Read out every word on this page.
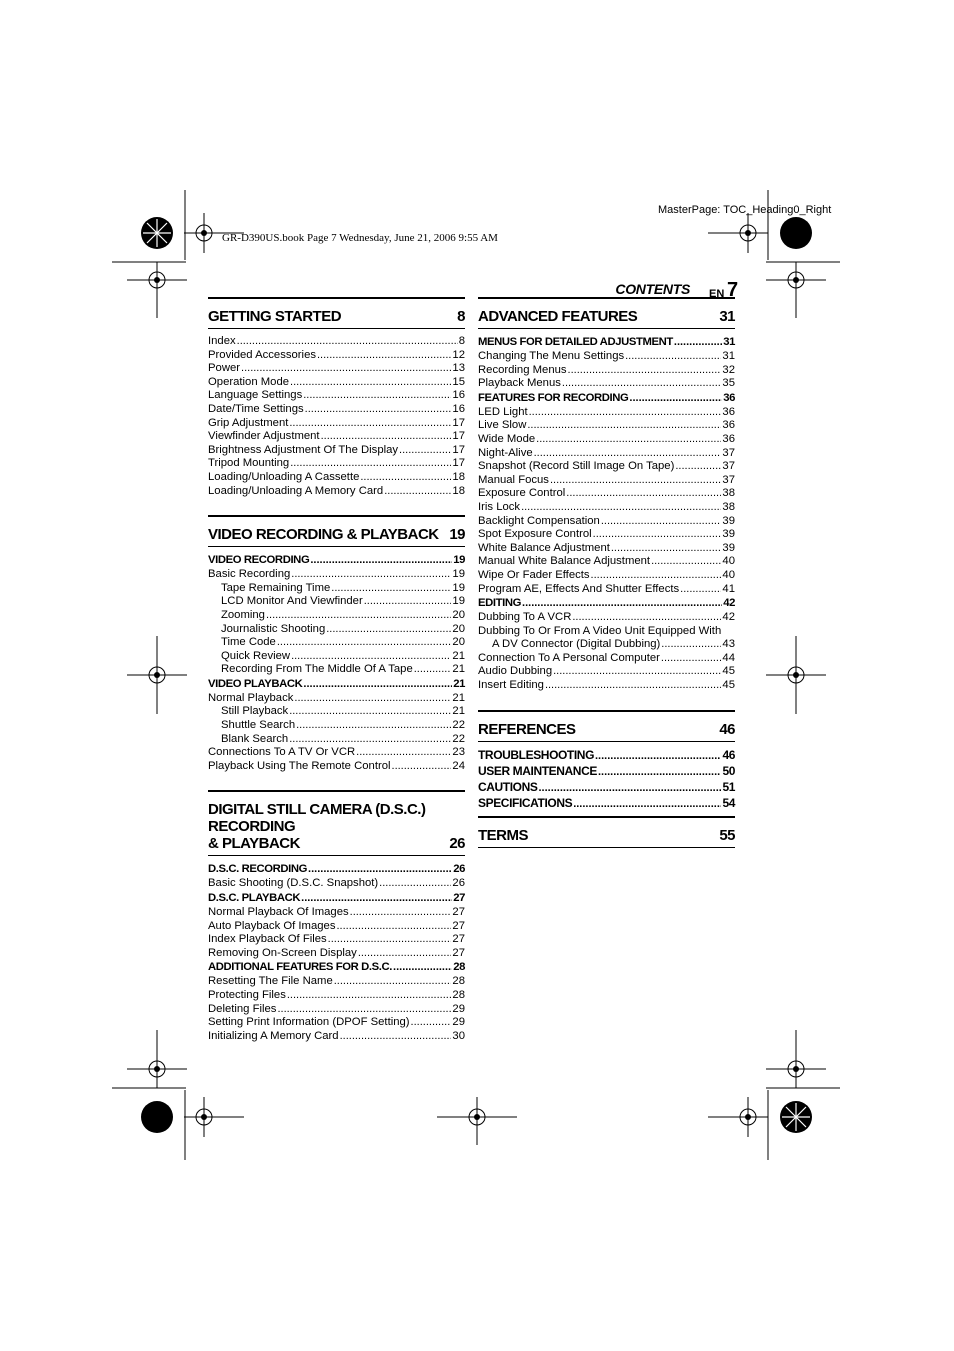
MasterPage: TOC_Heading0_Right
GR-D390US.book Page 7 Wednesday, June 21, 2006 9:55 AM
CONTENTS EN 7
GETTING STARTED	8
Index .....	8
Provided Accessories .....	12
Power .....	13
Operation Mode .....	15
Language Settings .....	16
Date/Time Settings .....	16
Grip Adjustment .....	17
Viewfinder Adjustment .....	17
Brightness Adjustment Of The Display .....	17
Tripod Mounting .....	17
Loading/Unloading A Cassette .....	18
Loading/Unloading A Memory Card .....	18
VIDEO RECORDING & PLAYBACK 19
VIDEO RECORDING .....	19
Basic Recording .....	19
Tape Remaining Time .....	19
LCD Monitor And Viewfinder .....	19
Zooming .....	20
Journalistic Shooting .....	20
Time Code .....	20
Quick Review .....	21
Recording From The Middle Of A Tape .....	21
VIDEO PLAYBACK .....	21
Normal Playback .....	21
Still Playback .....	21
Shuttle Search .....	22
Blank Search .....	22
Connections To A TV Or VCR .....	23
Playback Using The Remote Control .....	24
DIGITAL STILL CAMERA (D.S.C.) RECORDING
& PLAYBACK	26
D.S.C. RECORDING .....	26
Basic Shooting (D.S.C. Snapshot) .....	26
D.S.C. PLAYBACK .....	27
Normal Playback Of Images .....	27
Auto Playback Of Images .....	27
Index Playback Of Files .....	27
Removing On-Screen Display .....	27
ADDITIONAL FEATURES FOR D.S.C. .....	28
Resetting The File Name .....	28
Protecting Files .....	28
Deleting Files .....	29
Setting Print Information (DPOF Setting) .....	29
Initializing A Memory Card .....	30
ADVANCED FEATURES	31
MENUS FOR DETAILED ADJUSTMENT .....	31
Changing The Menu Settings .....	31
Recording Menus .....	32
Playback Menus .....	35
FEATURES FOR RECORDING .....	36
LED Light .....	36
Live Slow .....	36
Wide Mode .....	36
Night-Alive .....	37
Snapshot (Record Still Image On Tape) .....	37
Manual Focus .....	37
Exposure Control .....	38
Iris Lock .....	38
Backlight Compensation .....	39
Spot Exposure Control .....	39
White Balance Adjustment .....	39
Manual White Balance Adjustment .....	40
Wipe Or Fader Effects .....	40
Program AE, Effects And Shutter Effects .....	41
EDITING .....	42
Dubbing To A VCR .....	42
Dubbing To Or From A Video Unit Equipped With
A DV Connector (Digital Dubbing) .....	43
Connection To A Personal Computer .....	44
Audio Dubbing .....	45
Insert Editing .....	45
REFERENCES	46
TROUBLESHOOTING .....	46
USER MAINTENANCE .....	50
CAUTIONS .....	51
SPECIFICATIONS .....	54
TERMS	55
